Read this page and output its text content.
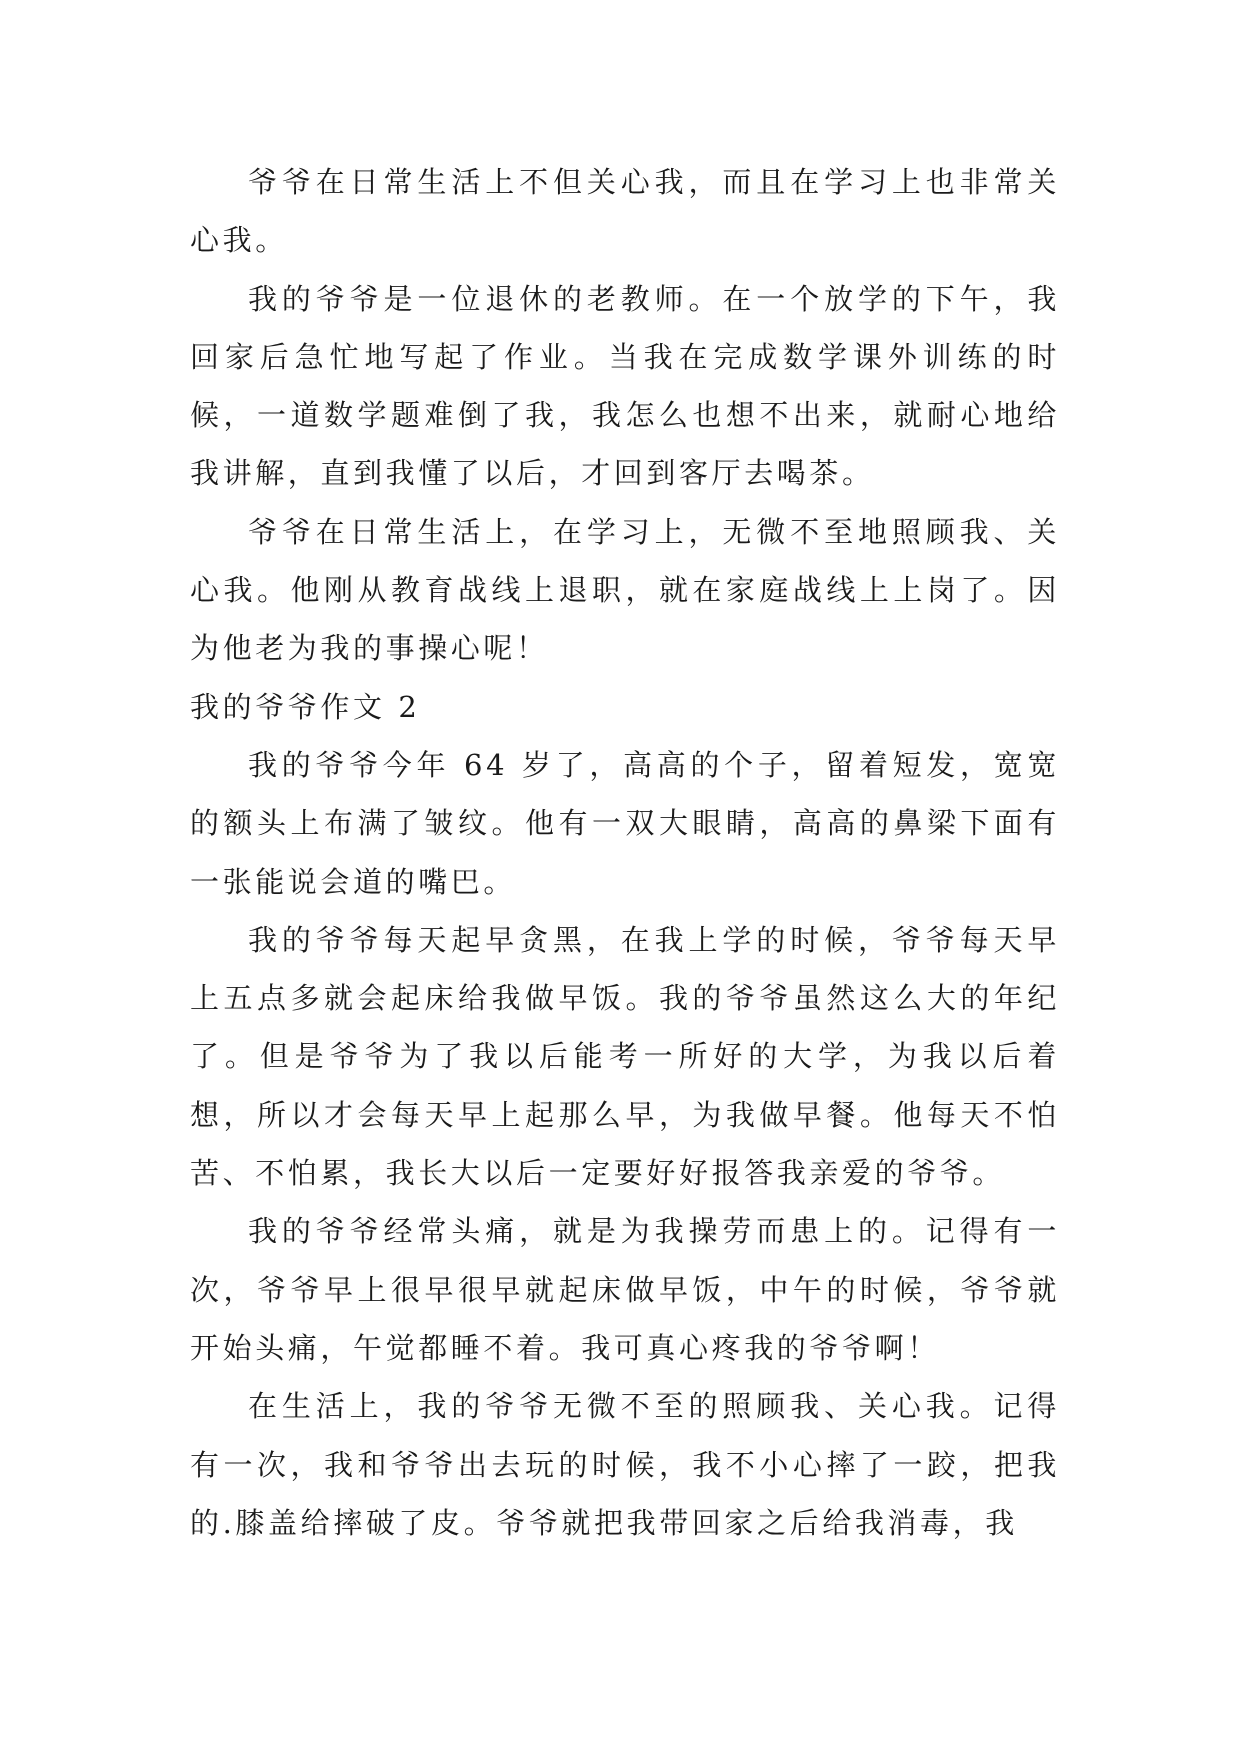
爷爷在日常生活上不但关心我，而且在学习上也非常关心我。

我的爷爷是一位退休的老教师。在一个放学的下午，我回家后急忙地写起了作业。当我在完成数学课外训练的时候，一道数学题难倒了我，我怎么也想不出来，就耐心地给我讲解，直到我懂了以后，才回到客厅去喝茶。

爷爷在日常生活上，在学习上，无微不至地照顾我、关心我。他刚从教育战线上退职，就在家庭战线上上岗了。因为他老为我的事操心呢！

我的爷爷作文 2

我的爷爷今年 64 岁了，高高的个子，留着短发，宽宽的额头上布满了皱纹。他有一双大眼睛，高高的鼻梁下面有一张能说会道的嘴巴。

我的爷爷每天起早贪黑，在我上学的时候，爷爷每天早上五点多就会起床给我做早饭。我的爷爷虽然这么大的年纪了。但是爷爷为了我以后能考一所好的大学，为我以后着想，所以才会每天早上起那么早，为我做早餐。他每天不怕苦、不怕累，我长大以后一定要好好报答我亲爱的爷爷。

我的爷爷经常头痛，就是为我操劳而患上的。记得有一次，爷爷早上很早很早就起床做早饭，中午的时候，爷爷就开始头痛，午觉都睡不着。我可真心疼我的爷爷啊！

在生活上，我的爷爷无微不至的照顾我、关心我。记得有一次，我和爷爷出去玩的时候，我不小心摔了一跤，把我的.膝盖给摔破了皮。爷爷就把我带回家之后给我消毒，我
